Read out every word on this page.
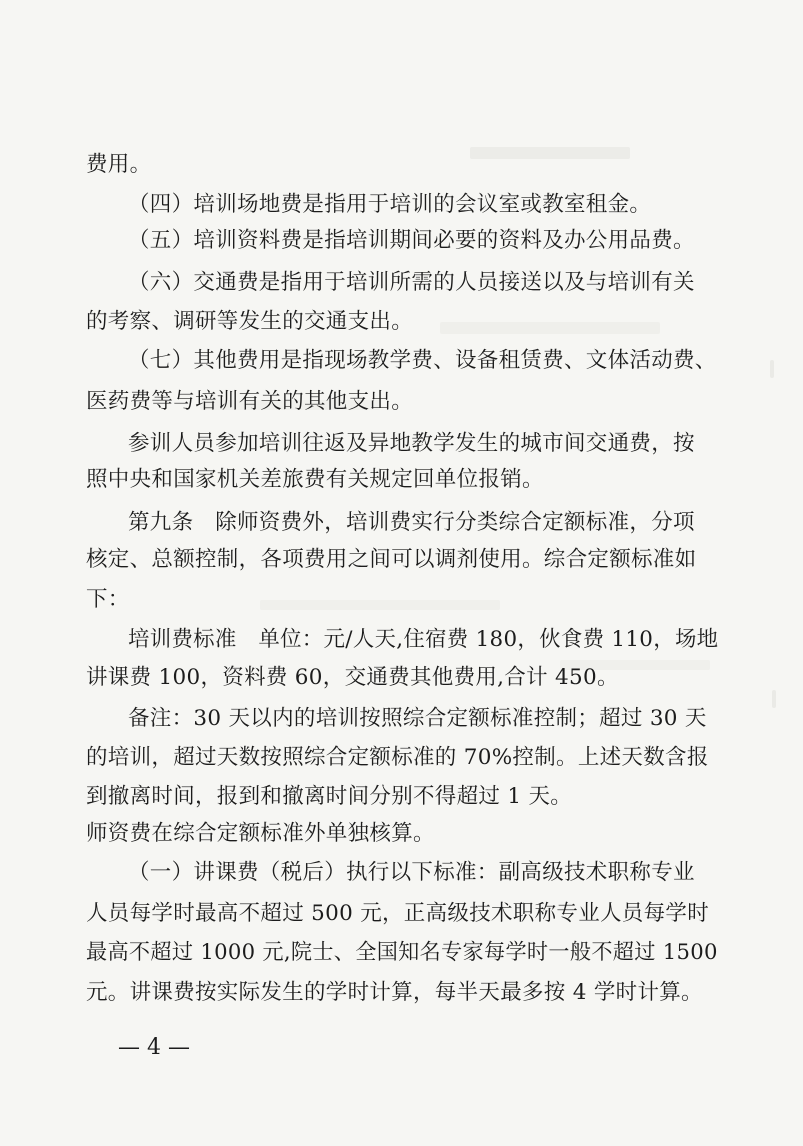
费用。
（四）培训场地费是指用于培训的会议室或教室租金。
（五）培训资料费是指培训期间必要的资料及办公用品费。
（六）交通费是指用于培训所需的人员接送以及与培训有关
的考察、调研等发生的交通支出。
（七）其他费用是指现场教学费、设备租赁费、文体活动费、
医药费等与培训有关的其他支出。
参训人员参加培训往返及异地教学发生的城市间交通费，按
照中央和国家机关差旅费有关规定回单位报销。
第九条　除师资费外，培训费实行分类综合定额标准，分项
核定、总额控制，各项费用之间可以调剂使用。综合定额标准如
下：
培训费标准　单位：元/人天,住宿费 180，伙食费 110，场地
讲课费 100，资料费 60，交通费其他费用,合计 450。
备注：30 天以内的培训按照综合定额标准控制；超过 30 天
的培训，超过天数按照综合定额标准的 70%控制。上述天数含报
到撤离时间，报到和撤离时间分别不得超过 1 天。
师资费在综合定额标准外单独核算。
（一）讲课费（税后）执行以下标准：副高级技术职称专业
人员每学时最高不超过 500 元，正高级技术职称专业人员每学时
最高不超过 1000 元,院士、全国知名专家每学时一般不超过 1500
元。讲课费按实际发生的学时计算，每半天最多按 4 学时计算。
— 4 —
